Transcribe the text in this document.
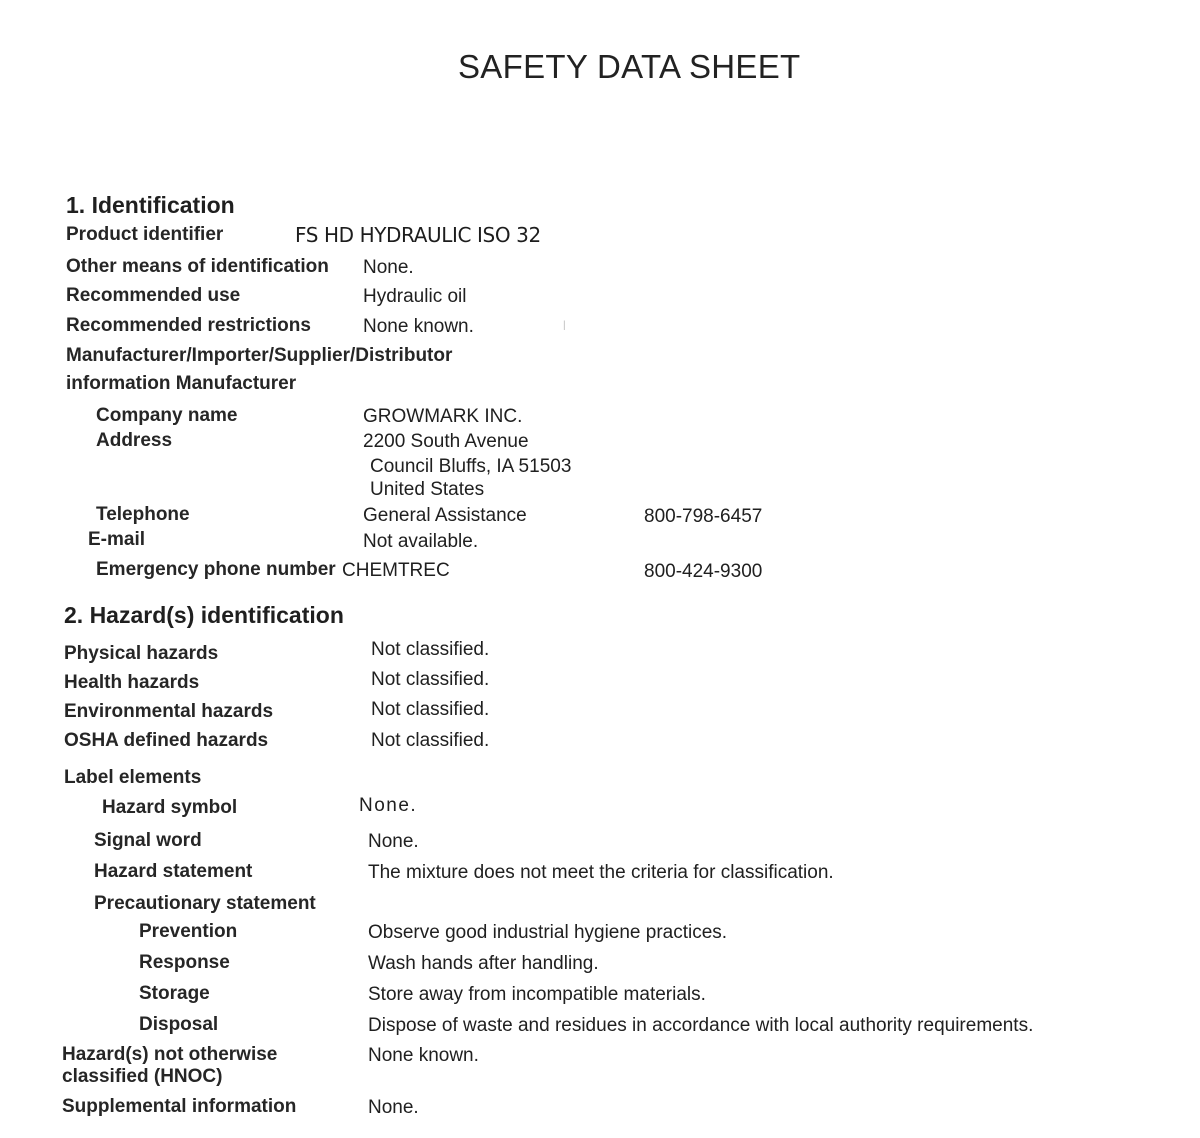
SAFETY DATA SHEET
1. Identification
Product identifier	FS HD HYDRAULIC ISO 32
Other means of identification None.
Recommended use	Hydraulic oil
Recommended restrictions	None known.	|
Manufacturer/Importer/Supplier/Distributor
information Manufacturer
Company name	GROWMARK INC.
Address	2200 South Avenue
Council Bluffs, IA 51503
United States
Telephone	General Assistance	800-798-6457
E-mail	Not available.
Emergency phone number CHEMTREC	800-424-9300
2. Hazard(s) identification
Physical hazards	Not classified.
Health hazards	Not classified.
Environmental hazards	Not classified.
OSHA defined hazards	Not classified.
Label elements
Hazard symbol	None.
Signal word	None.
Hazard statement	The mixture does not meet the criteria for classification.
Precautionary statement
Prevention	Observe good industrial hygiene practices.
Response	Wash hands after handling.
Storage	Store away from incompatible materials.
Disposal	Dispose of waste and residues in accordance with local authority requirements.
Hazard(s) not otherwise
classified (HNOC)
None known.
Supplemental information	None.
